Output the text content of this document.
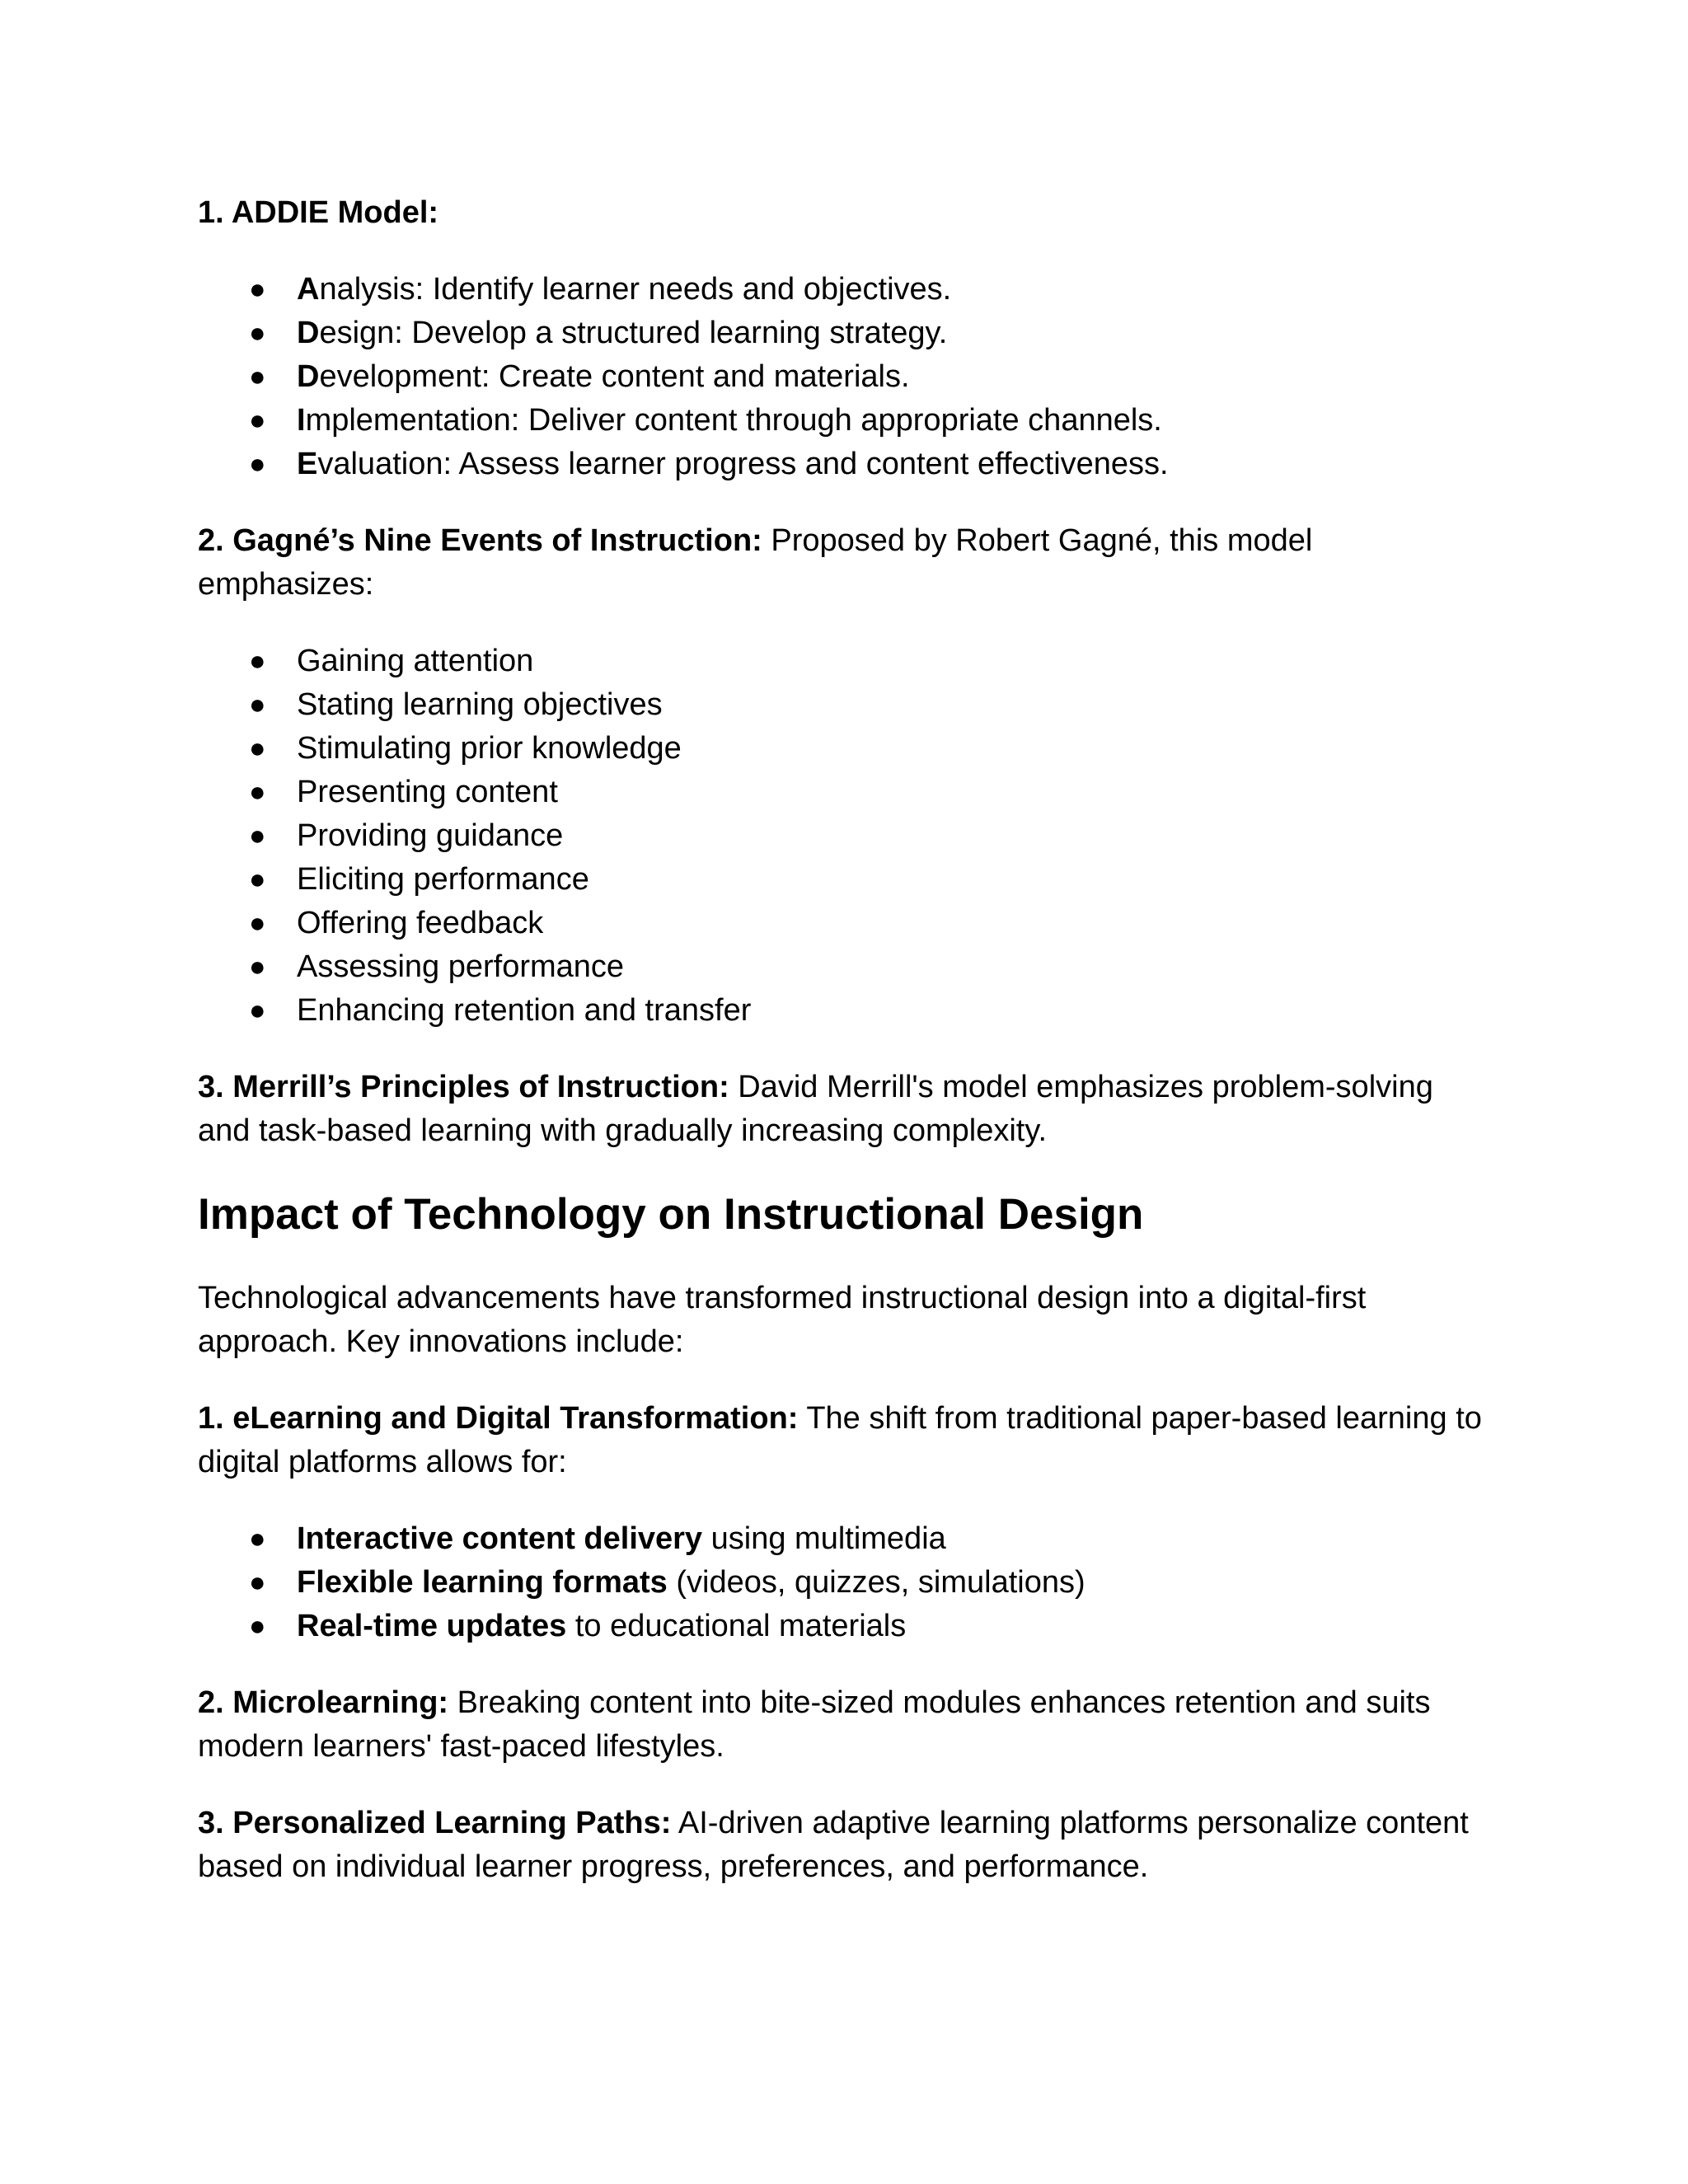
1. ADDIE Model:

● Analysis: Identify learner needs and objectives.
● Design: Develop a structured learning strategy.
● Development: Create content and materials.
● Implementation: Deliver content through appropriate channels.
● Evaluation: Assess learner progress and content effectiveness.

2. Gagné’s Nine Events of Instruction: Proposed by Robert Gagné, this model emphasizes:

● Gaining attention
● Stating learning objectives
● Stimulating prior knowledge
● Presenting content
● Providing guidance
● Eliciting performance
● Offering feedback
● Assessing performance
● Enhancing retention and transfer

3. Merrill’s Principles of Instruction: David Merrill's model emphasizes problem-solving and task-based learning with gradually increasing complexity.

Impact of Technology on Instructional Design

Technological advancements have transformed instructional design into a digital-first approach. Key innovations include:

1. eLearning and Digital Transformation: The shift from traditional paper-based learning to digital platforms allows for:

● Interactive content delivery using multimedia
● Flexible learning formats (videos, quizzes, simulations)
● Real-time updates to educational materials

2. Microlearning: Breaking content into bite-sized modules enhances retention and suits modern learners' fast-paced lifestyles.

3. Personalized Learning Paths: AI-driven adaptive learning platforms personalize content based on individual learner progress, preferences, and performance.
